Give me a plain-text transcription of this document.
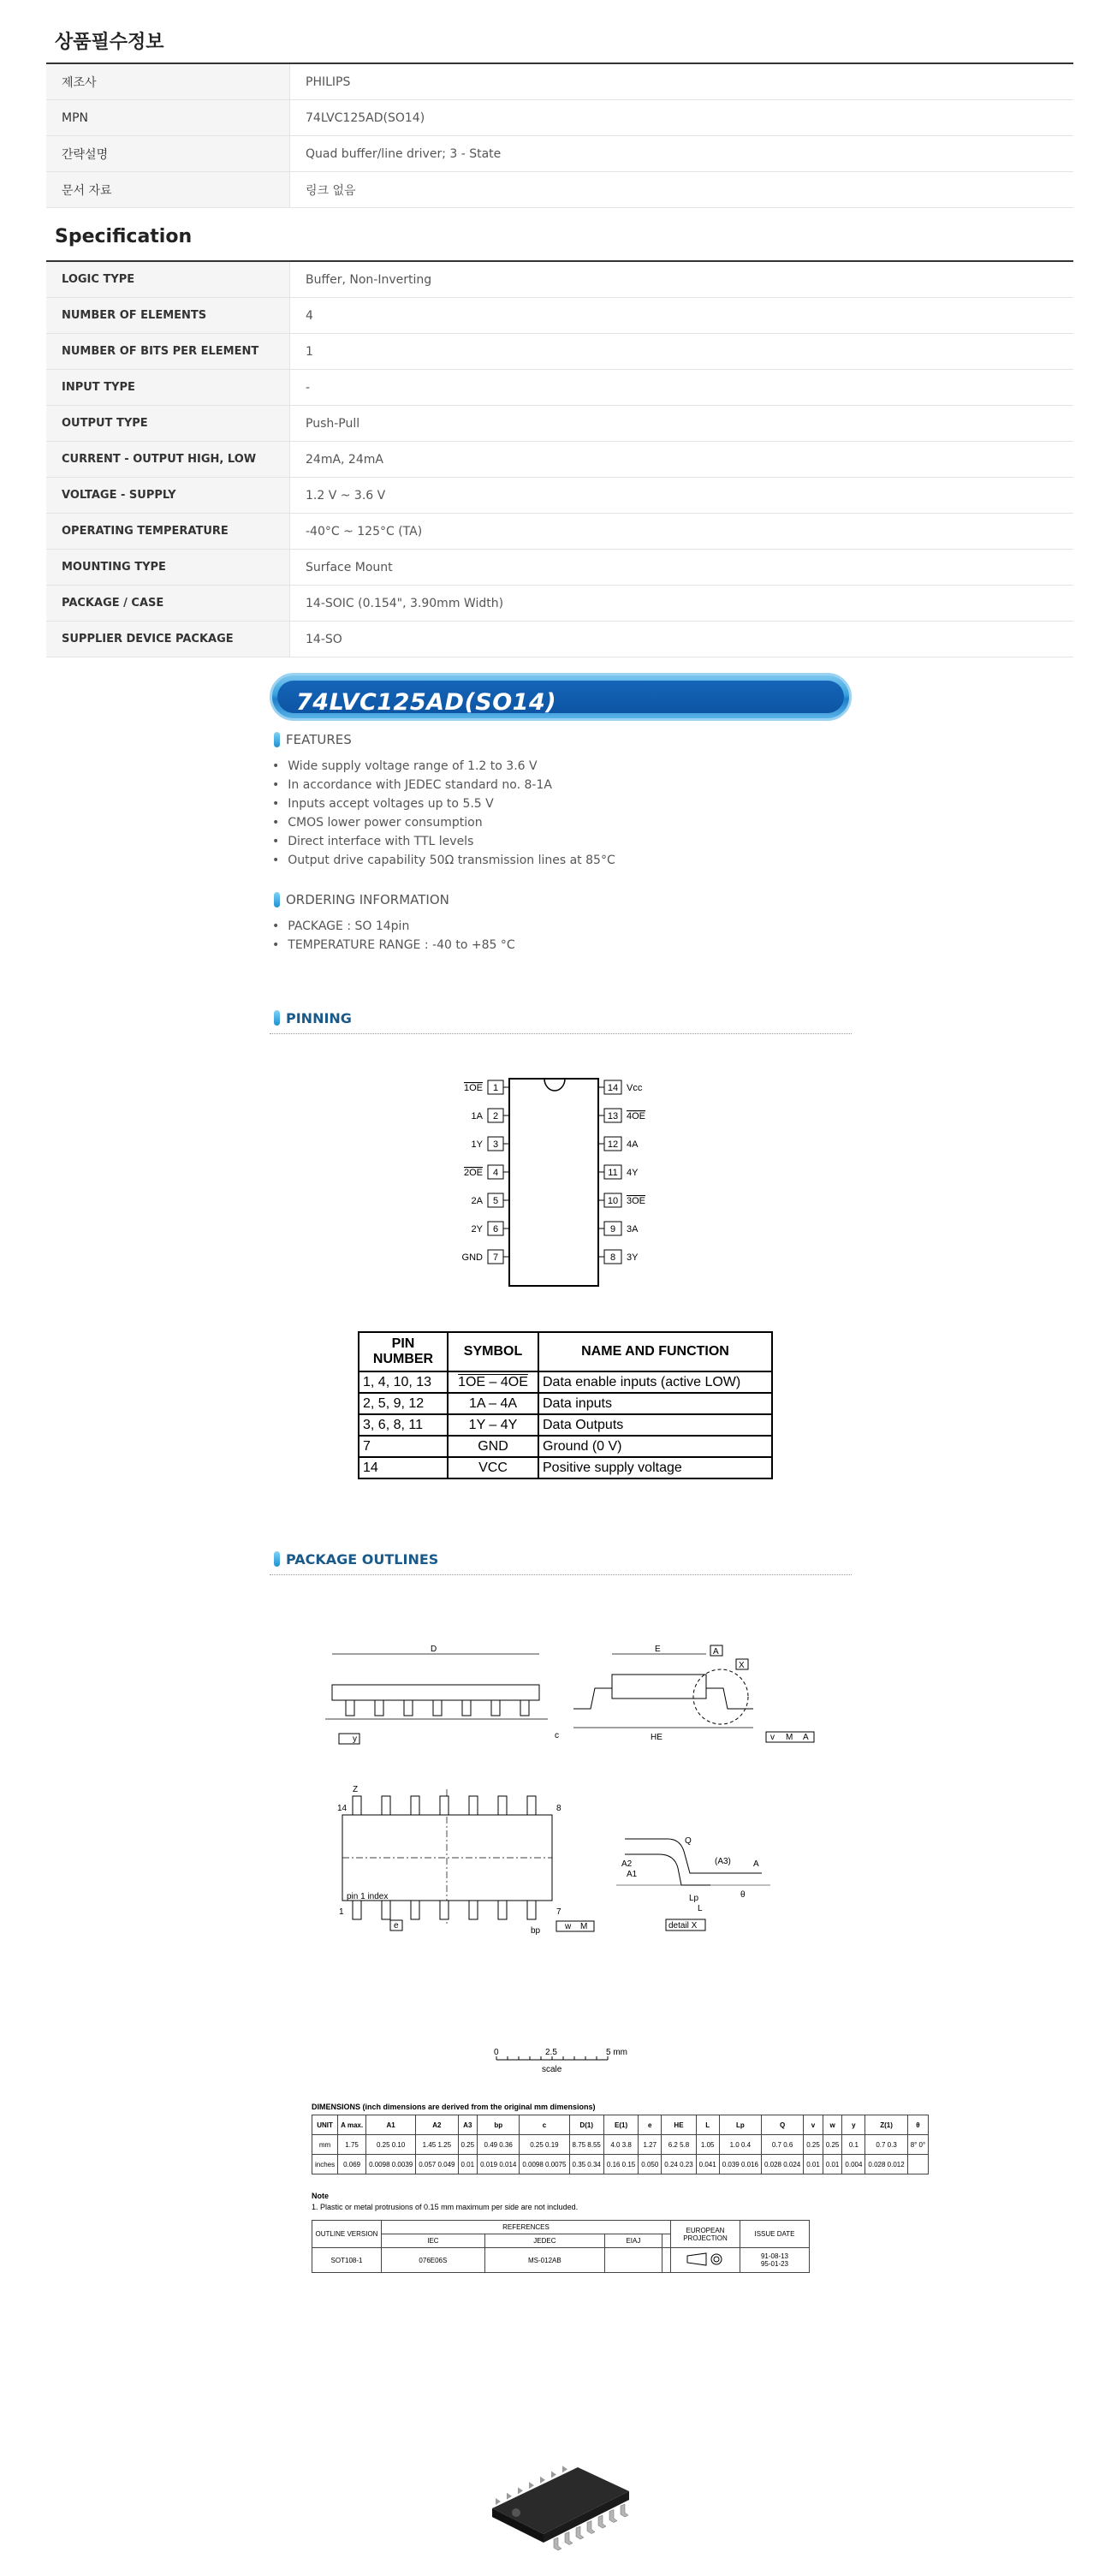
상품필수정보
제조사	PHILIPS
MPN	74LVC125AD(SO14)
간략설명	Quad buffer/line driver; 3 - State
문서 자료	링크 없음
Specification
LOGIC TYPE	Buffer, Non-Inverting
NUMBER OF ELEMENTS	4
NUMBER OF BITS PER ELEMENT	1
INPUT TYPE	-
OUTPUT TYPE	Push-Pull
CURRENT - OUTPUT HIGH, LOW	24mA, 24mA
VOLTAGE - SUPPLY	1.2 V ~ 3.6 V
OPERATING TEMPERATURE	-40°C ~ 125°C (TA)
MOUNTING TYPE	Surface Mount
PACKAGE / CASE	14-SOIC (0.154", 3.90mm Width)
SUPPLIER DEVICE PACKAGE	14-SO
74LVC125AD(SO14)
FEATURES
• Wide supply voltage range of 1.2 to 3.6 V
• In accordance with JEDEC standard no. 8-1A
• Inputs accept voltages up to 5.5 V
• CMOS lower power consumption
• Direct interface with TTL levels
• Output drive capability 50Ω transmission lines at 85°C
ORDERING INFORMATION
• PACKAGE : SO 14pin
• TEMPERATURE RANGE : -40 to +85 °C
PINNING
1
1OE
2
1A
3
1Y
4
2OE
5
2A
6
2Y
7
GND
14 Vcc
13 4OE
12 4A
11 4Y
10 3OE
9 3A
8 3Y
PIN NUMBER	SYMBOL	NAME AND FUNCTION
1, 4, 10, 13	1OE – 4OE	Data enable inputs (active LOW)
2, 5, 9, 12	1A – 4A	Data inputs
3, 6, 8, 11	1Y – 4Y	Data Outputs
7	GND	Ground (0 V)
14	VCC	Positive supply voltage
PACKAGE OUTLINES
D
y
E	A
X
HE	v M A
c
pin 1 index
Z
14	8
1	7
e
bp	w M
Q
(A3)
A2
A1
A
Lp
L
θ
detail X
0	2.5	5 mm
scale
DIMENSIONS (inch dimensions are derived from the original mm dimensions)
UNIT	A max.	A1	A2	A3	bp	c	D(1)	E(1)	e	HE	L	Lp	Q	v	w	y	Z(1)	θ
mm	1.75	0.25 0.10	1.45 1.25	0.25	0.49 0.36	0.25 0.19	8.75 8.55	4.0 3.8	1.27	6.2 5.8	1.05	1.0 0.4	0.7 0.6	0.25	0.25	0.1	0.7 0.3	8° 0°
inches	0.069	0.0098 0.0039	0.057 0.049	0.01	0.019 0.014	0.0098 0.0075	0.35 0.34	0.16 0.15	0.050	0.24 0.23	0.041	0.039 0.016	0.028 0.024	0.01	0.01	0.004	0.028 0.012	
Note
1. Plastic or metal protrusions of 0.15 mm maximum per side are not included.
OUTLINE VERSION	REFERENCES				EUROPEAN PROJECTION	ISSUE DATE
	IEC	JEDEC	EIAJ			
SOT108-1	076E06S	MS-012AB				91-08-13
95-01-23
